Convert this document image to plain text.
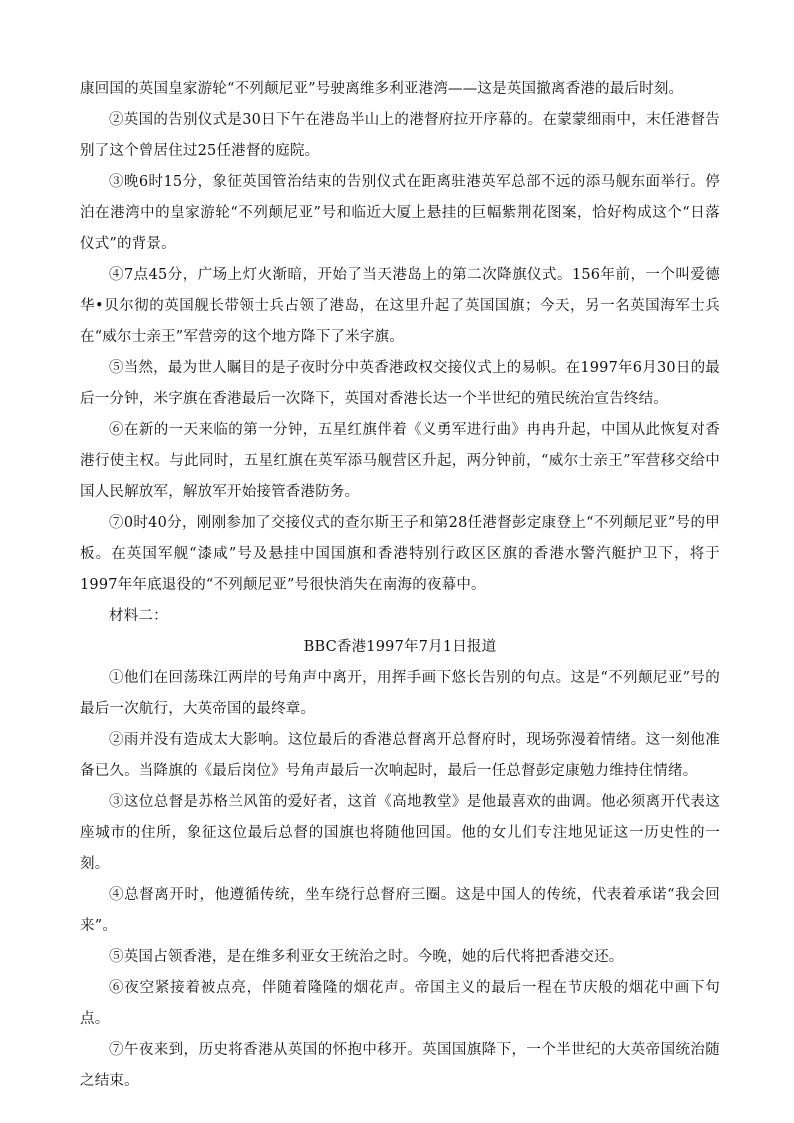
康回国的英国皇家游轮“不列颠尼亚”号驶离维多利亚港湾——这是英国撤离香港的最后时刻。

②英国的告别仪式是30日下午在港岛半山上的港督府拉开序幕的。在蒙蒙细雨中，末任港督告别了这个曾居住过25任港督的庭院。

③晚6时15分，象征英国管治结束的告别仪式在距离驻港英军总部不远的添马舰东面举行。停泊在港湾中的皇家游轮“不列颠尼亚”号和临近大厦上悬挂的巨幅紫荆花图案，恰好构成这个“日落仪式”的背景。

④7点45分，广场上灯火渐暗，开始了当天港岛上的第二次降旗仪式。156年前，一个叫爱德华•贝尔彻的英国舰长带领士兵占领了港岛，在这里升起了英国国旗；今天，另一名英国海军士兵在“威尔士亲王”军营旁的这个地方降下了米字旗。

⑤当然，最为世人瞩目的是子夜时分中英香港政权交接仪式上的易帜。在1997年6月30日的最后一分钟，米字旗在香港最后一次降下，英国对香港长达一个半世纪的殖民统治宣告终结。

⑥在新的一天来临的第一分钟，五星红旗伴着《义勇军进行曲》冉冉升起，中国从此恢复对香港行使主权。与此同时，五星红旗在英军添马舰营区升起，两分钟前，“威尔士亲王”军营移交给中国人民解放军，解放军开始接管香港防务。

⑦0时40分，刚刚参加了交接仪式的查尔斯王子和第28任港督彭定康登上“不列颠尼亚”号的甲板。在英国军舰“漆咸”号及悬挂中国国旗和香港特别行政区区旗的香港水警汽艇护卫下，将于1997年年底退役的“不列颠尼亚”号很快消失在南海的夜幕中。

材料二：

BBC香港1997年7月1日报道

①他们在回荡珠江两岸的号角声中离开，用挥手画下悠长告别的句点。这是“不列颠尼亚”号的最后一次航行，大英帝国的最终章。

②雨并没有造成太大影响。这位最后的香港总督离开总督府时，现场弥漫着情绪。这一刻他准备已久。当降旗的《最后岗位》号角声最后一次响起时，最后一任总督彭定康勉力维持住情绪。

③这位总督是苏格兰风笛的爱好者，这首《高地教堂》是他最喜欢的曲调。他必须离开代表这座城市的住所，象征这位最后总督的国旗也将随他回国。他的女儿们专注地见证这一历史性的一刻。

④总督离开时，他遵循传统，坐车绕行总督府三圈。这是中国人的传统，代表着承诺“我会回来”。

⑤英国占领香港，是在维多利亚女王统治之时。今晚，她的后代将把香港交还。

⑥夜空紧接着被点亮，伴随着隆隆的烟花声。帝国主义的最后一程在节庆般的烟花中画下句点。

⑦午夜来到，历史将香港从英国的怀抱中移开。英国国旗降下，一个半世纪的大英帝国统治随之结束。
